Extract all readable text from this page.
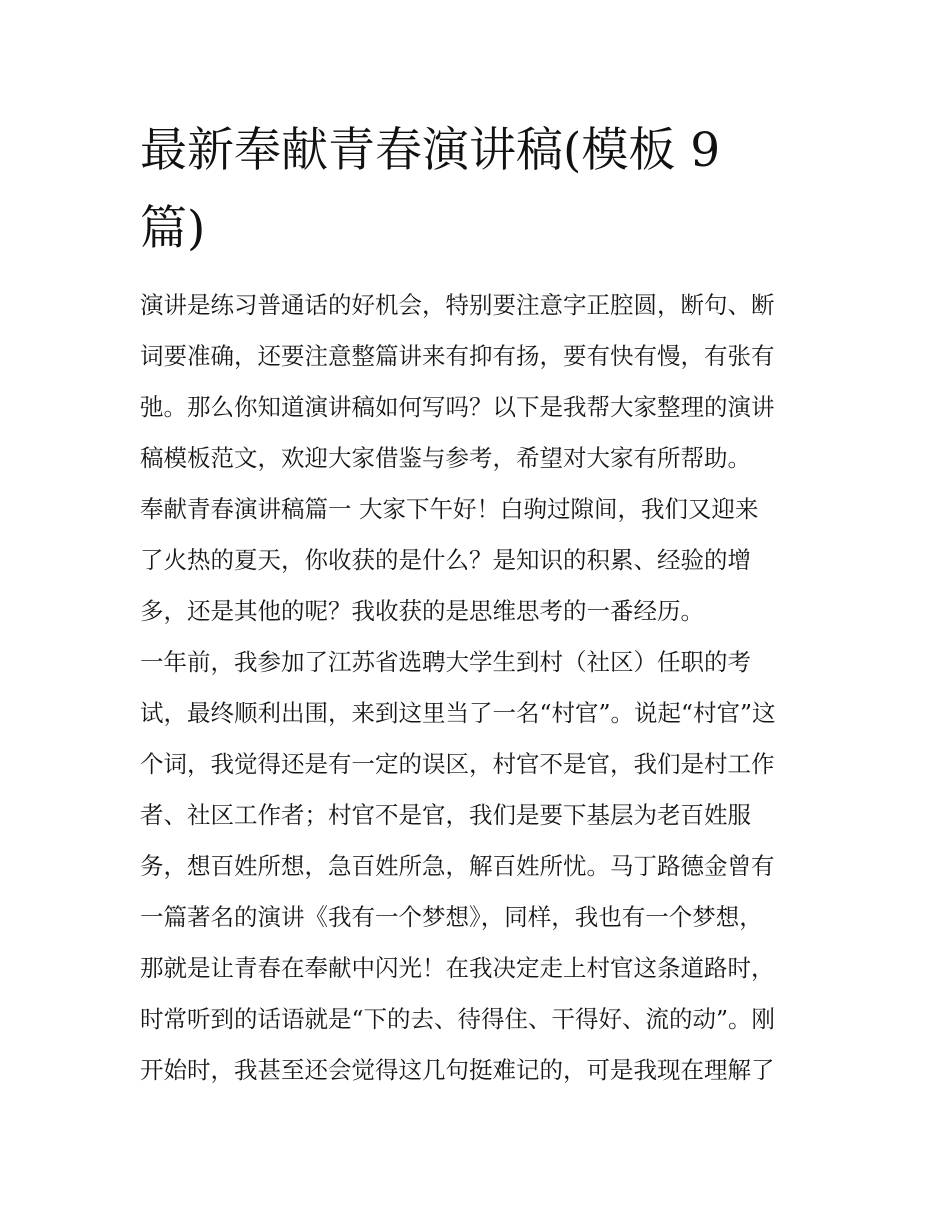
最新奉献青春演讲稿(模板 9
篇)
演讲是练习普通话的好机会，特别要注意字正腔圆，断句、断
词要准确，还要注意整篇讲来有抑有扬，要有快有慢，有张有
弛。那么你知道演讲稿如何写吗？以下是我帮大家整理的演讲
稿模板范文，欢迎大家借鉴与参考，希望对大家有所帮助。
奉献青春演讲稿篇一 大家下午好！白驹过隙间，我们又迎来
了火热的夏天，你收获的是什么？是知识的积累、经验的增
多，还是其他的呢？我收获的是思维思考的一番经历。
一年前，我参加了江苏省选聘大学生到村（社区）任职的考
试，最终顺利出围，来到这里当了一名“村官”。说起“村官”这
个词，我觉得还是有一定的误区，村官不是官，我们是村工作
者、社区工作者；村官不是官，我们是要下基层为老百姓服
务，想百姓所想，急百姓所急，解百姓所忧。马丁路德金曾有
一篇著名的演讲《我有一个梦想》，同样，我也有一个梦想，
那就是让青春在奉献中闪光！在我决定走上村官这条道路时，
时常听到的话语就是“下的去、待得住、干得好、流的动”。刚
开始时，我甚至还会觉得这几句挺难记的，可是我现在理解了
